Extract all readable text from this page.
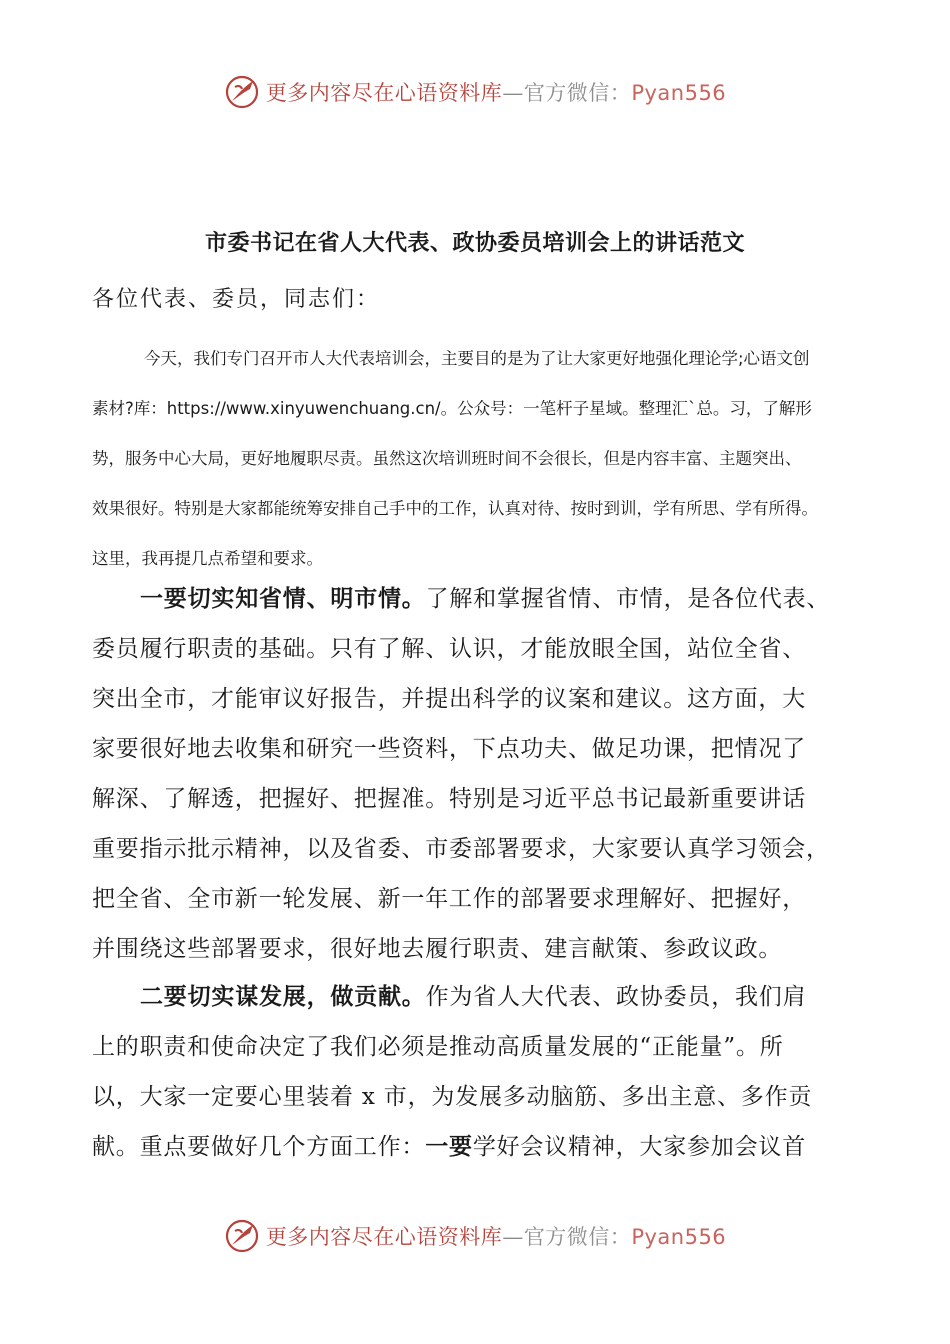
更多内容尽在心语资料库—官方微信：Pyan556
市委书记在省人大代表、政协委员培训会上的讲话范文
各位代表、委员，同志们：
今天，我们专门召开市人大代表培训会，主要目的是为了让大家更好地强化理论学;心语文创
素材?库：https://www.xinyuwenchuang.cn/。公众号：一笔杆子星域。整理汇`总。习，了解形
势，服务中心大局，更好地履职尽责。虽然这次培训班时间不会很长，但是内容丰富、主题突出、
效果很好。特别是大家都能统筹安排自己手中的工作，认真对待、按时到训，学有所思、学有所得。
这里，我再提几点希望和要求。
一要切实知省情、明市情。了解和掌握省情、市情，是各位代表、
委员履行职责的基础。只有了解、认识，才能放眼全国，站位全省、
突出全市，才能审议好报告，并提出科学的议案和建议。这方面，大
家要很好地去收集和研究一些资料，下点功夫、做足功课，把情况了
解深、了解透，把握好、把握准。特别是习近平总书记最新重要讲话
重要指示批示精神，以及省委、市委部署要求，大家要认真学习领会，
把全省、全市新一轮发展、新一年工作的部署要求理解好、把握好，
并围绕这些部署要求，很好地去履行职责、建言献策、参政议政。
二要切实谋发展，做贡献。作为省人大代表、政协委员，我们肩
上的职责和使命决定了我们必须是推动高质量发展的“正能量”。所
以，大家一定要心里装着 x 市，为发展多动脑筋、多出主意、多作贡
献。重点要做好几个方面工作：一要学好会议精神，大家参加会议首
更多内容尽在心语资料库—官方微信：Pyan556
